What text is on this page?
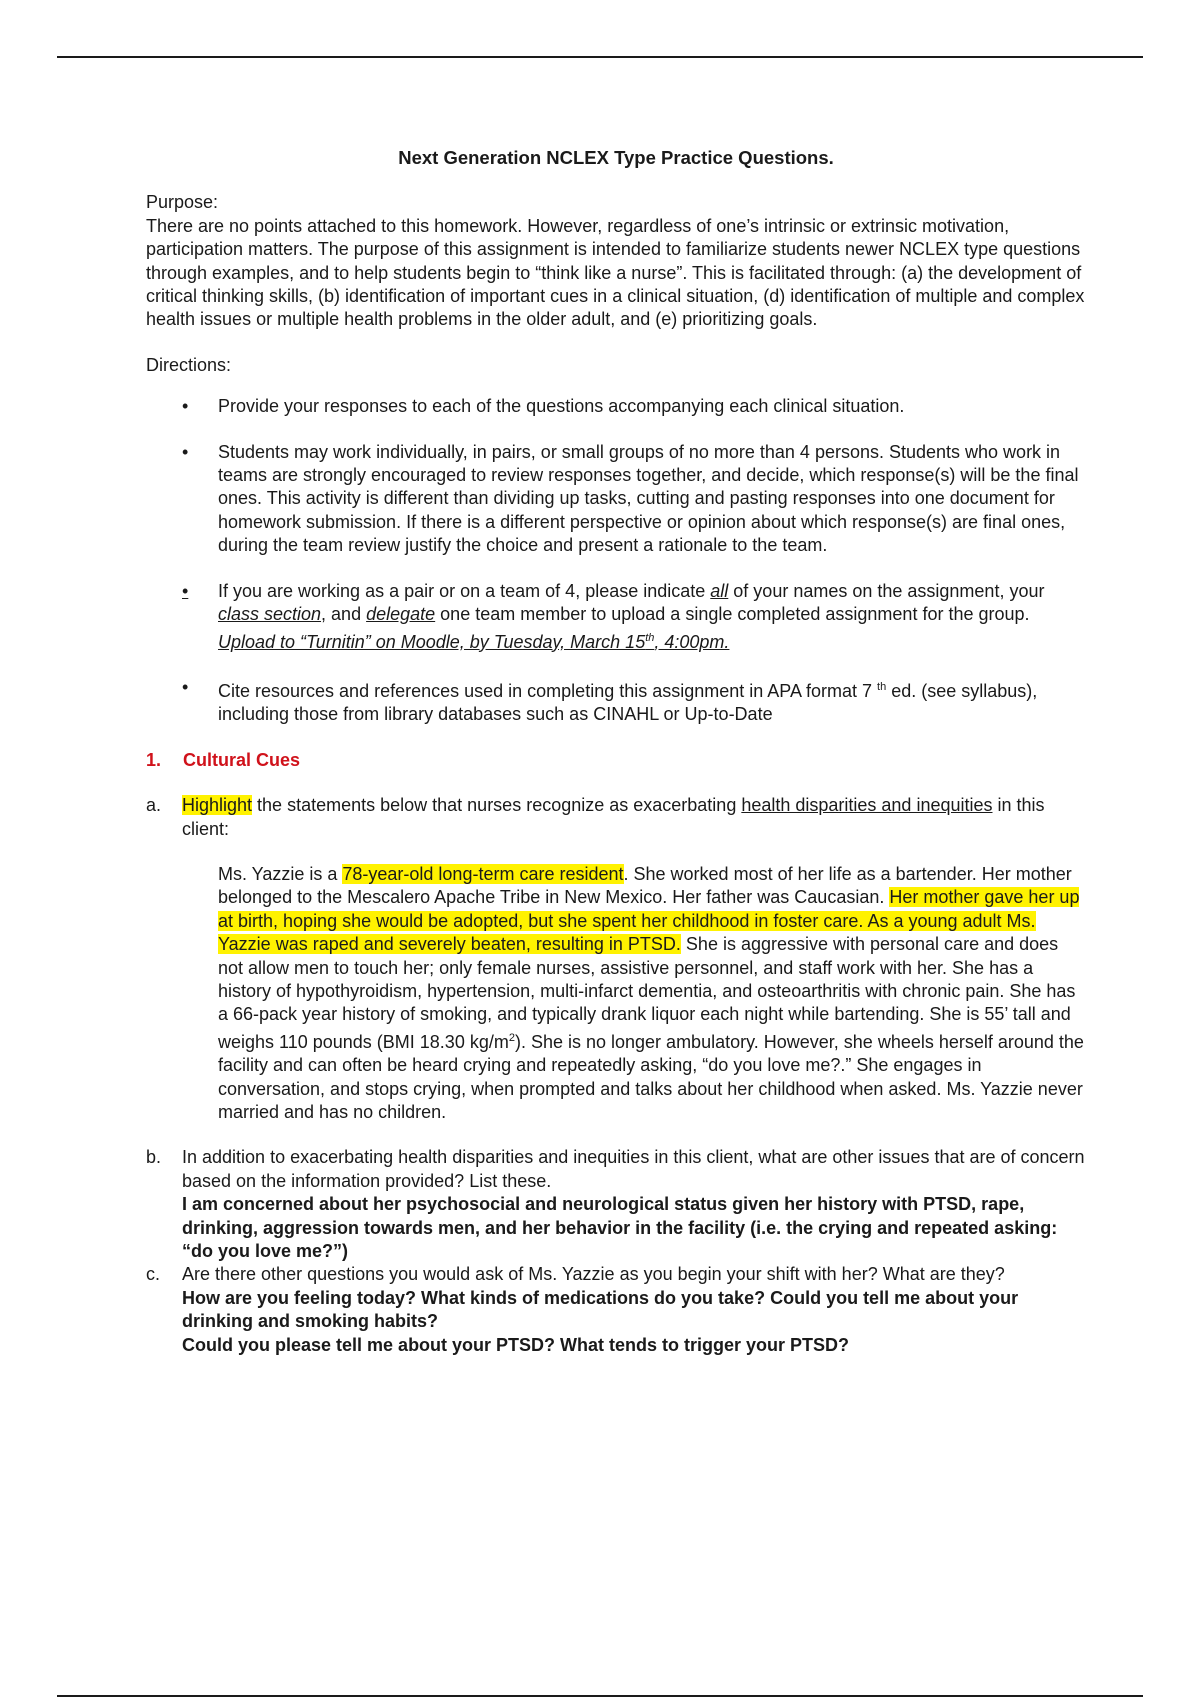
Next Generation NCLEX Type Practice Questions.

Purpose:

There are no points attached to this homework. However, regardless of one’s intrinsic or extrinsic motivation, participation matters. The purpose of this assignment is intended to familiarize students newer NCLEX type questions through examples, and to help students begin to “think like a nurse”. This is facilitated through: (a) the development of critical thinking skills, (b) identification of important cues in a clinical situation, (d) identification of multiple and complex health issues or multiple health problems in the older adult, and (e) prioritizing goals.

Directions:

• Provide your responses to each of the questions accompanying each clinical situation.
• Students may work individually, in pairs, or small groups of no more than 4 persons. Students who work in teams are strongly encouraged to review responses together, and decide, which response(s) will be the final ones. This activity is different than dividing up tasks, cutting and pasting responses into one document for homework submission. If there is a different perspective or opinion about which response(s) are final ones, during the team review justify the choice and present a rationale to the team.
• If you are working as a pair or on a team of 4, please indicate all of your names on the assignment, your class section, and delegate one team member to upload a single completed assignment for the group. Upload to “Turnitin” on Moodle, by Tuesday, March 15th, 4:00pm.
• Cite resources and references used in completing this assignment in APA format 7 $^{th}$ ed. (see syllabus), including those from library databases such as CINAHL or Up-to-Date
1. Cultural Cues
a. Highlight the statements below that nurses recognize as exacerbating health disparities and inequities in this client:
Ms. Yazzie is a 78-year-old long-term care resident. She worked most of her life as a bartender. Her mother belonged to the Mescalero Apache Tribe in New Mexico. Her father was Caucasian. Her mother gave her up at birth, hoping she would be adopted, but she spent her childhood in foster care. As a young adult Ms. Yazzie was raped and severely beaten, resulting in PTSD. She is aggressive with personal care and does not allow men to touch her; only female nurses, assistive personnel, and staff work with her. She has a history of hypothyroidism, hypertension, multi-infarct dementia, and osteoarthritis with chronic pain. She has a 66-pack year history of smoking, and typically drank liquor each night while bartending. She is 55’ tall and weighs 110 pounds (BMI 18.30 $kg/m^2$). She is no longer ambulatory. However, she wheels herself around the facility and can often be heard crying and repeatedly asking, “do you love me?.” She engages in conversation, and stops crying, when prompted and talks about her childhood when asked. Ms. Yazzie never married and has no children.
b. In addition to exacerbating health disparities and inequities in this client, what are other issues that are of concern based on the information provided? List these.

I am concerned about her psychosocial and neurological status given her history with PTSD, rape, drinking, aggression towards men, and her behavior in the facility (i.e. the crying and repeated asking: “do you love me?”)

c. Are there other questions you would ask of Ms. Yazzie as you begin your shift with her? What are they?

How are you feeling today? What kinds of medications do you take? Could you tell me about your drinking and smoking habits?

Could you please tell me about your PTSD? What tends to trigger your PTSD?
